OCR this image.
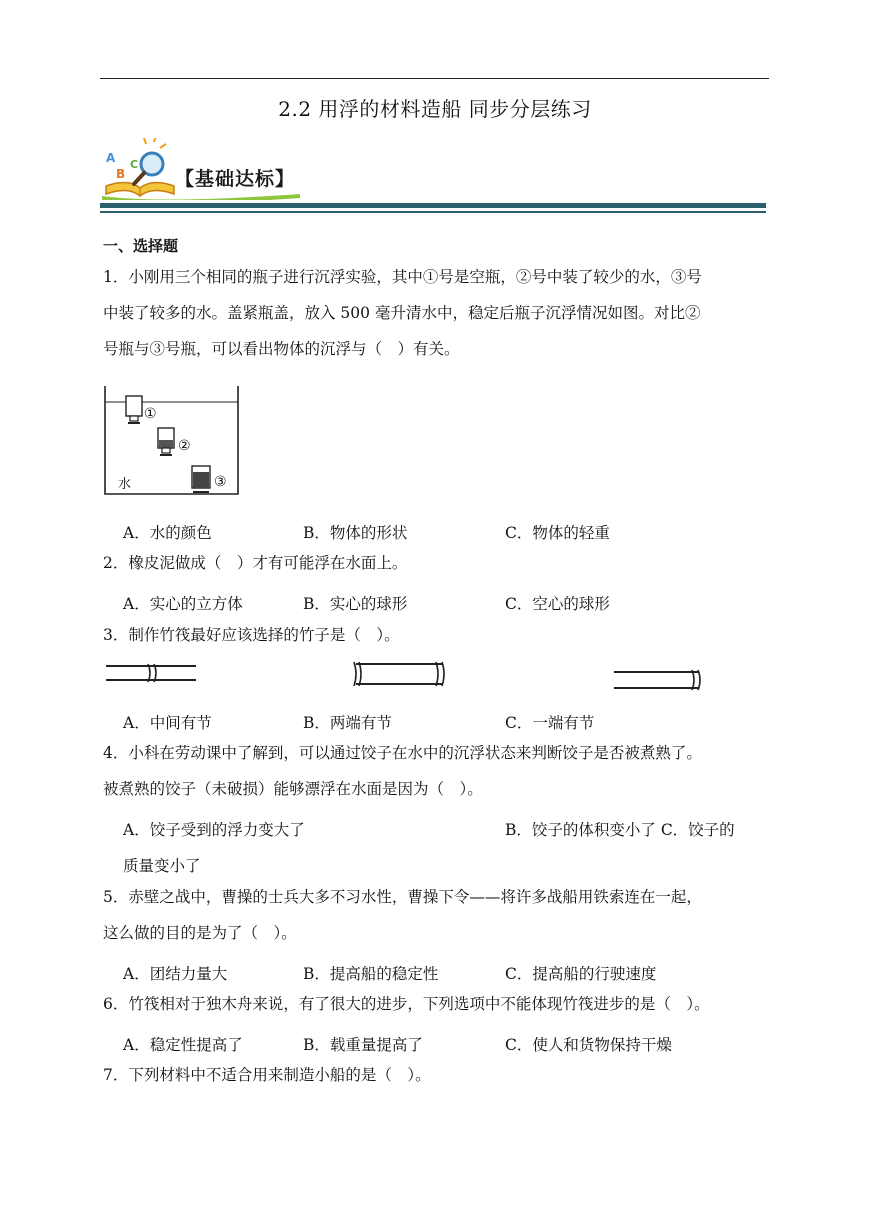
2.2 用浮的材料造船 同步分层练习
A
B
C
【基础达标】
一、选择题
1．小刚用三个相同的瓶子进行沉浮实验，其中①号是空瓶，②号中装了较少的水，③号
中装了较多的水。盖紧瓶盖，放入 500 毫升清水中，稳定后瓶子沉浮情况如图。对比②
号瓶与③号瓶，可以看出物体的沉浮与（　）有关。
①
②
③
水
A．水的颜色	B．物体的形状	C．物体的轻重
2．橡皮泥做成（　）才有可能浮在水面上。
A．实心的立方体	B．实心的球形	C．空心的球形
3．制作竹筏最好应该选择的竹子是（　）。
A．中间有节	B．两端有节	C．一端有节
4．小科在劳动课中了解到，可以通过饺子在水中的沉浮状态来判断饺子是否被煮熟了。
被煮熟的饺子（未破损）能够漂浮在水面是因为（　）。
A．饺子受到的浮力变大了	B．饺子的体积变小了 C．饺子的
质量变小了
5．赤壁之战中，曹操的士兵大多不习水性，曹操下令——将许多战船用铁索连在一起，
这么做的目的是为了（　）。
A．团结力量大	B．提高船的稳定性	C．提高船的行驶速度
6．竹筏相对于独木舟来说，有了很大的进步，下列选项中不能体现竹筏进步的是（　）。
A．稳定性提高了	B．载重量提高了	C．使人和货物保持干燥
7．下列材料中不适合用来制造小船的是（　）。
